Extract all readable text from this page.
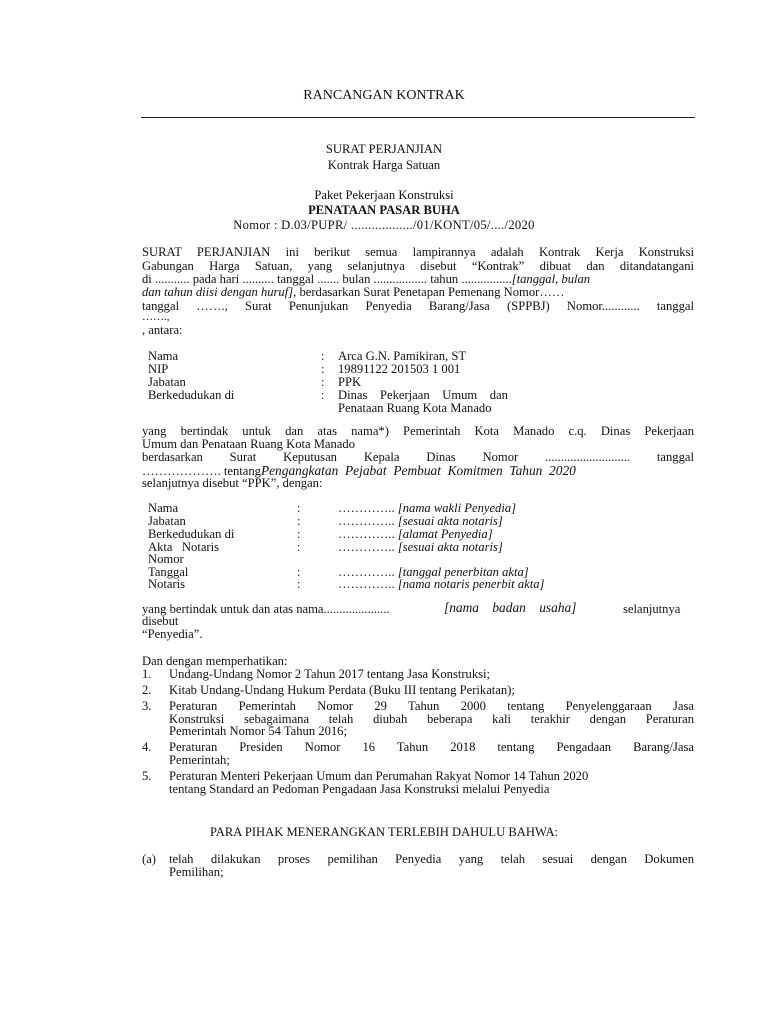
RANCANGAN KONTRAK
SURAT PERJANJIAN
Kontrak Harga Satuan
Paket Pekerjaan Konstruksi
PENATAAN PASAR BUHA
Nomor : D.03/PUPR/ ................../01/KONT/05/..../2020
SURAT PERJANJIAN ini berikut semua lampirannya adalah Kontrak Kerja Konstruksi
Gabungan Harga Satuan, yang selanjutnya disebut “Kontrak” dibuat dan ditandatangani
di ........... pada hari .......... tanggal ....... bulan ................. tahun ................[tanggal, bulan
dan tahun diisi dengan huruf], berdasarkan Surat Penetapan Pemenang Nomor……
tanggal ……., Surat Penunjukan Penyedia Barang/Jasa (SPPBJ) Nomor............ tanggal
…….,
, antara:
Nama	: Arca G.N. Pamikiran, ST
NIP	: 19891122 201503 1 001
Jabatan	: PPK
Berkedudukan di	: Dinas    Pekerjaan    Umum    dan
Penataan Ruang Kota Manado
yang bertindak untuk dan atas nama*) Pemerintah Kota Manado c.q. Dinas Pekerjaan
Umum dan Penataan Ruang Kota Manado
berdasarkan Surat Keputusan Kepala Dinas Nomor ........................... tanggal
………………. tentangPengangkatan  Pejabat  Pembuat  Komitmen  Tahun  2020
selanjutnya disebut “PPK”, dengan:
Nama	:	………….. [nama wakli Penyedia]
Jabatan	:	………….. [sesuai akta notaris]
Berkedudukan di	:	………….. [alamat Penyedia]
Akta   Notaris	:	………….. [sesuai akta notaris]
Nomor
Tanggal	:	………….. [tanggal penerbitan akta]
Notaris	:	………….. [nama notaris penerbit akta]
yang bertindak untuk dan atas nama.....................	[nama    badan    usaha]	selanjutnya
disebut
“Penyedia”.
Dan dengan memperhatikan:
1. Undang-Undang Nomor 2 Tahun 2017 tentang Jasa Konstruksi;
2. Kitab Undang-Undang Hukum Perdata (Buku III tentang Perikatan);
3. Peraturan Pemerintah Nomor 29 Tahun 2000 tentang Penyelenggaraan Jasa
Konstruksi sebagaimana telah diubah beberapa kali terakhir dengan Peraturan
Pemerintah Nomor 54 Tahun 2016;
4. Peraturan Presiden Nomor 16 Tahun 2018 tentang Pengadaan Barang/Jasa
Pemerintah;
5. Peraturan Menteri Pekerjaan Umum dan Perumahan Rakyat Nomor 14 Tahun 2020
tentang Standard an Pedoman Pengadaan Jasa Konstruksi melalui Penyedia
PARA PIHAK MENERANGKAN TERLEBIH DAHULU BAHWA:
(a) telah dilakukan proses pemilihan Penyedia yang telah sesuai dengan Dokumen
Pemilihan;
